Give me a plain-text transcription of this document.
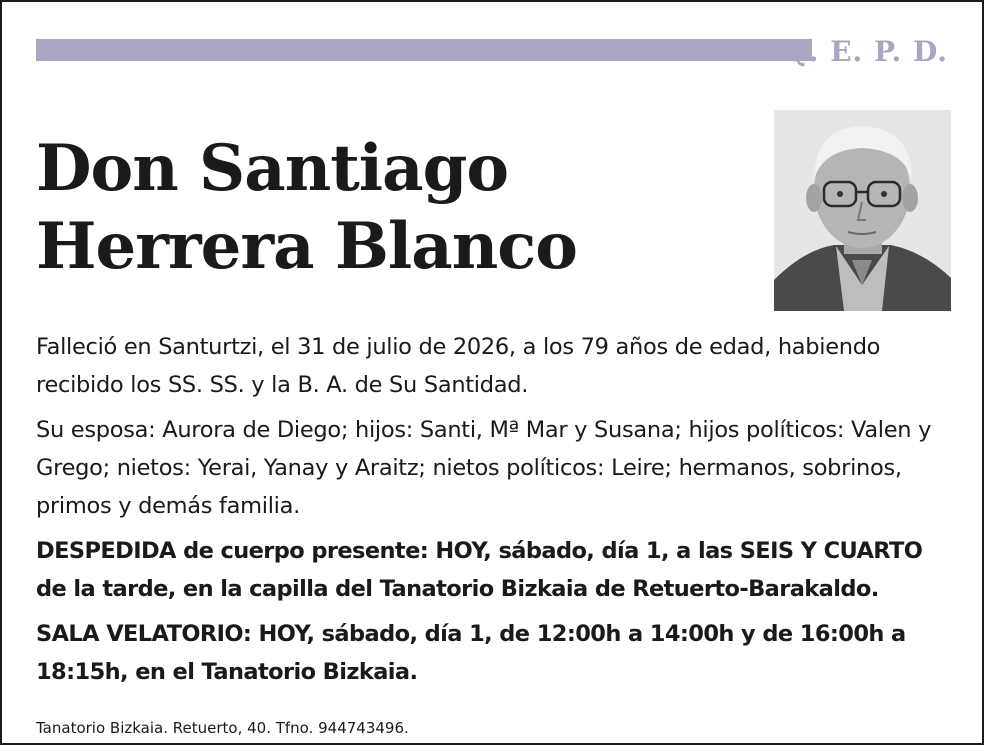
Q. E. P. D.
Don Santiago
Herrera Blanco

Falleció en Santurtzi, el 31 de julio de 2026, a los 79 años de edad, habiendo recibido los SS. SS. y la B. A. de Su Santidad.

Su esposa: Aurora de Diego; hijos: Santi, Mª Mar y Susana; hijos políticos: Valen y Grego; nietos: Yerai, Yanay y Araitz; nietos políticos: Leire; hermanos, sobrinos, primos y demás familia.

DESPEDIDA de cuerpo presente: HOY, sábado, día 1, a las SEIS Y CUARTO de la tarde, en la capilla del Tanatorio Bizkaia de Retuerto-Barakaldo.

SALA VELATORIO: HOY, sábado, día 1, de 12:00h a 14:00h y de 16:00h a 18:15h, en el Tanatorio Bizkaia.

Tanatorio Bizkaia. Retuerto, 40. Tfno. 944743496.
